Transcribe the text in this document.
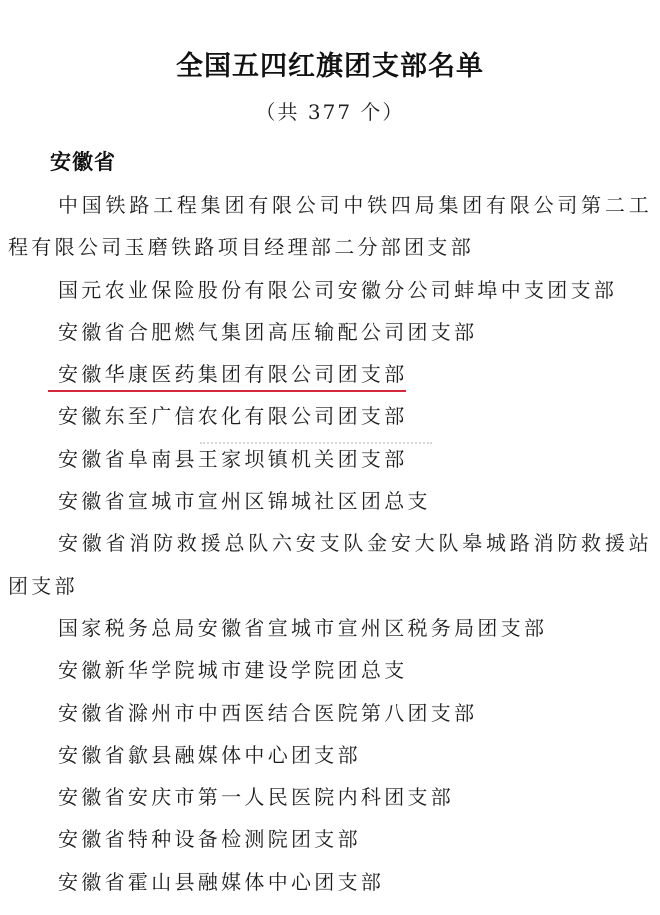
全国五四红旗团支部名单
（共 377 个）
安徽省
中国铁路工程集团有限公司中铁四局集团有限公司第二工程有限公司玉磨铁路项目经理部二分部团支部
国元农业保险股份有限公司安徽分公司蚌埠中支团支部
安徽省合肥燃气集团高压输配公司团支部
安徽华康医药集团有限公司团支部
安徽东至广信农化有限公司团支部
安徽省阜南县王家坝镇机关团支部
安徽省宣城市宣州区锦城社区团总支
安徽省消防救援总队六安支队金安大队皋城路消防救援站团支部
国家税务总局安徽省宣城市宣州区税务局团支部
安徽新华学院城市建设学院团总支
安徽省滁州市中西医结合医院第八团支部
安徽省歙县融媒体中心团支部
安徽省安庆市第一人民医院内科团支部
安徽省特种设备检测院团支部
安徽省霍山县融媒体中心团支部
